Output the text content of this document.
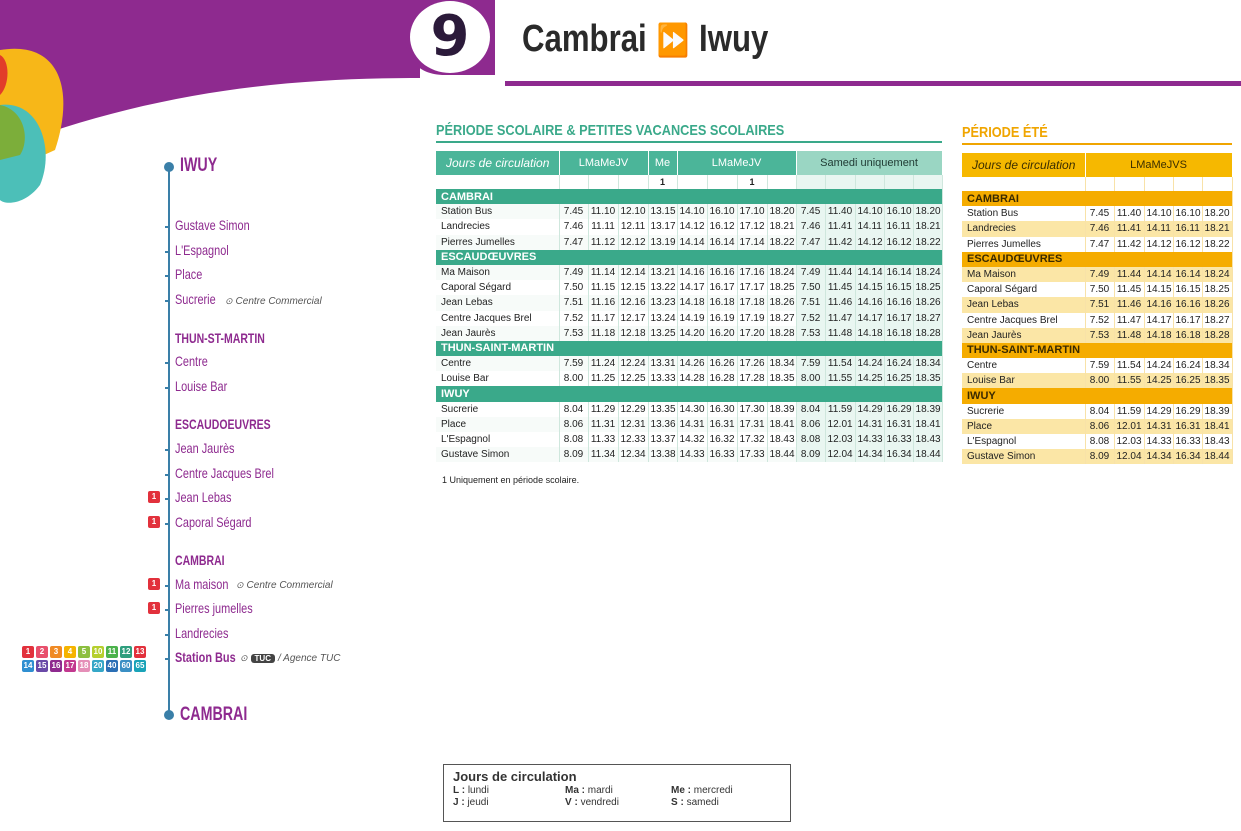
9 Cambrai ⏩ Iwuy
IWUY
Gustave Simon
L'Espagnol
Place
Sucrerie ⊙ Centre Commercial
THUN-ST-MARTIN
Centre
Louise Bar
ESCAUDOEUVRES
Jean Jaurès
Centre Jacques Brel
Jean Lebas
Caporal Ségard
CAMBRAI
Ma maison ⊙ Centre Commercial
Pierres jumelles
Landrecies
Station Bus ⊙ TUC / Agence TUC
CAMBRAI
1
1
1
1
1	2	3	4	5 10 11 12 13
14 15 16 17 18 20 40 60 65
PÉRIODE SCOLAIRE & PETITES VACANCES SCOLAIRES
Jours de circulation	LMaMeJV			Me	LMaMeJV				Samedi uniquement				
				1			1						
CAMBRAI													
Station Bus	7.45	11.10	12.10	13.15	14.10	16.10	17.10	18.20	7.45	11.40	14.10	16.10	18.20
Landrecies	7.46	11.11	12.11	13.17	14.12	16.12	17.12	18.21	7.46	11.41	14.11	16.11	18.21
Pierres Jumelles	7.47	11.12	12.12	13.19	14.14	16.14	17.14	18.22	7.47	11.42	14.12	16.12	18.22
ESCAUDŒUVRES													
Ma Maison	7.49	11.14	12.14	13.21	14.16	16.16	17.16	18.24	7.49	11.44	14.14	16.14	18.24
Caporal Ségard	7.50	11.15	12.15	13.22	14.17	16.17	17.17	18.25	7.50	11.45	14.15	16.15	18.25
Jean Lebas	7.51	11.16	12.16	13.23	14.18	16.18	17.18	18.26	7.51	11.46	14.16	16.16	18.26
Centre Jacques Brel	7.52	11.17	12.17	13.24	14.19	16.19	17.19	18.27	7.52	11.47	14.17	16.17	18.27
Jean Jaurès	7.53	11.18	12.18	13.25	14.20	16.20	17.20	18.28	7.53	11.48	14.18	16.18	18.28
THUN-SAINT-MARTIN													
Centre	7.59	11.24	12.24	13.31	14.26	16.26	17.26	18.34	7.59	11.54	14.24	16.24	18.34
Louise Bar	8.00	11.25	12.25	13.33	14.28	16.28	17.28	18.35	8.00	11.55	14.25	16.25	18.35
IWUY													
Sucrerie	8.04	11.29	12.29	13.35	14.30	16.30	17.30	18.39	8.04	11.59	14.29	16.29	18.39
Place	8.06	11.31	12.31	13.36	14.31	16.31	17.31	18.41	8.06	12.01	14.31	16.31	18.41
L'Espagnol	8.08	11.33	12.33	13.37	14.32	16.32	17.32	18.43	8.08	12.03	14.33	16.33	18.43
Gustave Simon	8.09	11.34	12.34	13.38	14.33	16.33	17.33	18.44	8.09	12.04	14.34	16.34	18.44
1 Uniquement en période scolaire.
PÉRIODE ÉTÉ
Jours de circulation	LMaMeJVS				

CAMBRAI					
Station Bus	7.45	11.40	14.10	16.10	18.20
Landrecies	7.46	11.41	14.11	16.11	18.21
Pierres Jumelles	7.47	11.42	14.12	16.12	18.22
ESCAUDŒUVRES					
Ma Maison	7.49	11.44	14.14	16.14	18.24
Caporal Ségard	7.50	11.45	14.15	16.15	18.25
Jean Lebas	7.51	11.46	14.16	16.16	18.26
Centre Jacques Brel	7.52	11.47	14.17	16.17	18.27
Jean Jaurès	7.53	11.48	14.18	16.18	18.28
THUN-SAINT-MARTIN					
Centre	7.59	11.54	14.24	16.24	18.34
Louise Bar	8.00	11.55	14.25	16.25	18.35
IWUY					
Sucrerie	8.04	11.59	14.29	16.29	18.39
Place	8.06	12.01	14.31	16.31	18.41
L'Espagnol	8.08	12.03	14.33	16.33	18.43
Gustave Simon	8.09	12.04	14.34	16.34	18.44
Jours de circulation
L : lundi	Ma : mardi	Me : mercredi
J : jeudi	V : vendredi	S : samedi
